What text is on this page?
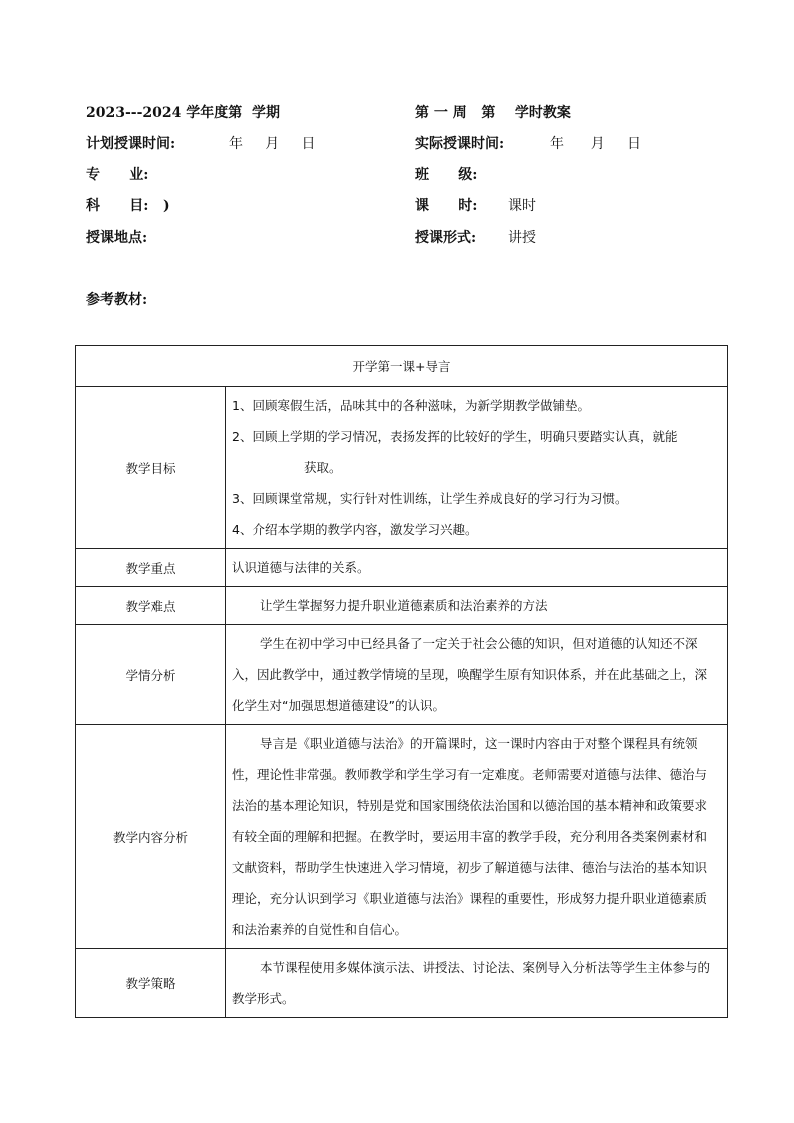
2023---2024 学年度第  学期	第 一 周   第    学时教案
计划授课时间:	年     月     日	实际授课时间:	年      月     日
专      业:	班      级:
科      目:   )	课      时: 课时
授课地点:	授课形式: 讲授
参考教材:
开学第一课+导言	
教学目标	1、回顾寒假生活，品味其中的各种滋味，为新学期教学做铺垫。
2、回顾上学期的学习情况，表扬发挥的比较好的学生，明确只要踏实认真，就能
获取。
3、回顾课堂常规，实行针对性训练，让学生养成良好的学习行为习惯。
4、介绍本学期的教学内容，激发学习兴趣。

教学重点	认识道德与法律的关系。
教学难点	让学生掌握努力提升职业道德素质和法治素养的方法
学情分析	学生在初中学习中已经具备了一定关于社会公德的知识，但对道德的认知还不深入，因此教学中，通过教学情境的呈现，唤醒学生原有知识体系，并在此基础之上，深化学生对“加强思想道德建设”的认识。
教学内容分析	导言是《职业道德与法治》的开篇课时，这一课时内容由于对整个课程具有统领性，理论性非常强。教师教学和学生学习有一定难度。老师需要对道德与法律、德治与法治的基本理论知识，特别是党和国家围绕依法治国和以德治国的基本精神和政策要求有较全面的理解和把握。在教学时，要运用丰富的教学手段，充分利用各类案例素材和文献资料，帮助学生快速进入学习情境，初步了解道德与法律、德治与法治的基本知识理论，充分认识到学习《职业道德与法治》课程的重要性，形成努力提升职业道德素质和法治素养的自觉性和自信心。
教学策略	本节课程使用多媒体演示法、讲授法、讨论法、案例导入分析法等学生主体参与的教学形式。
